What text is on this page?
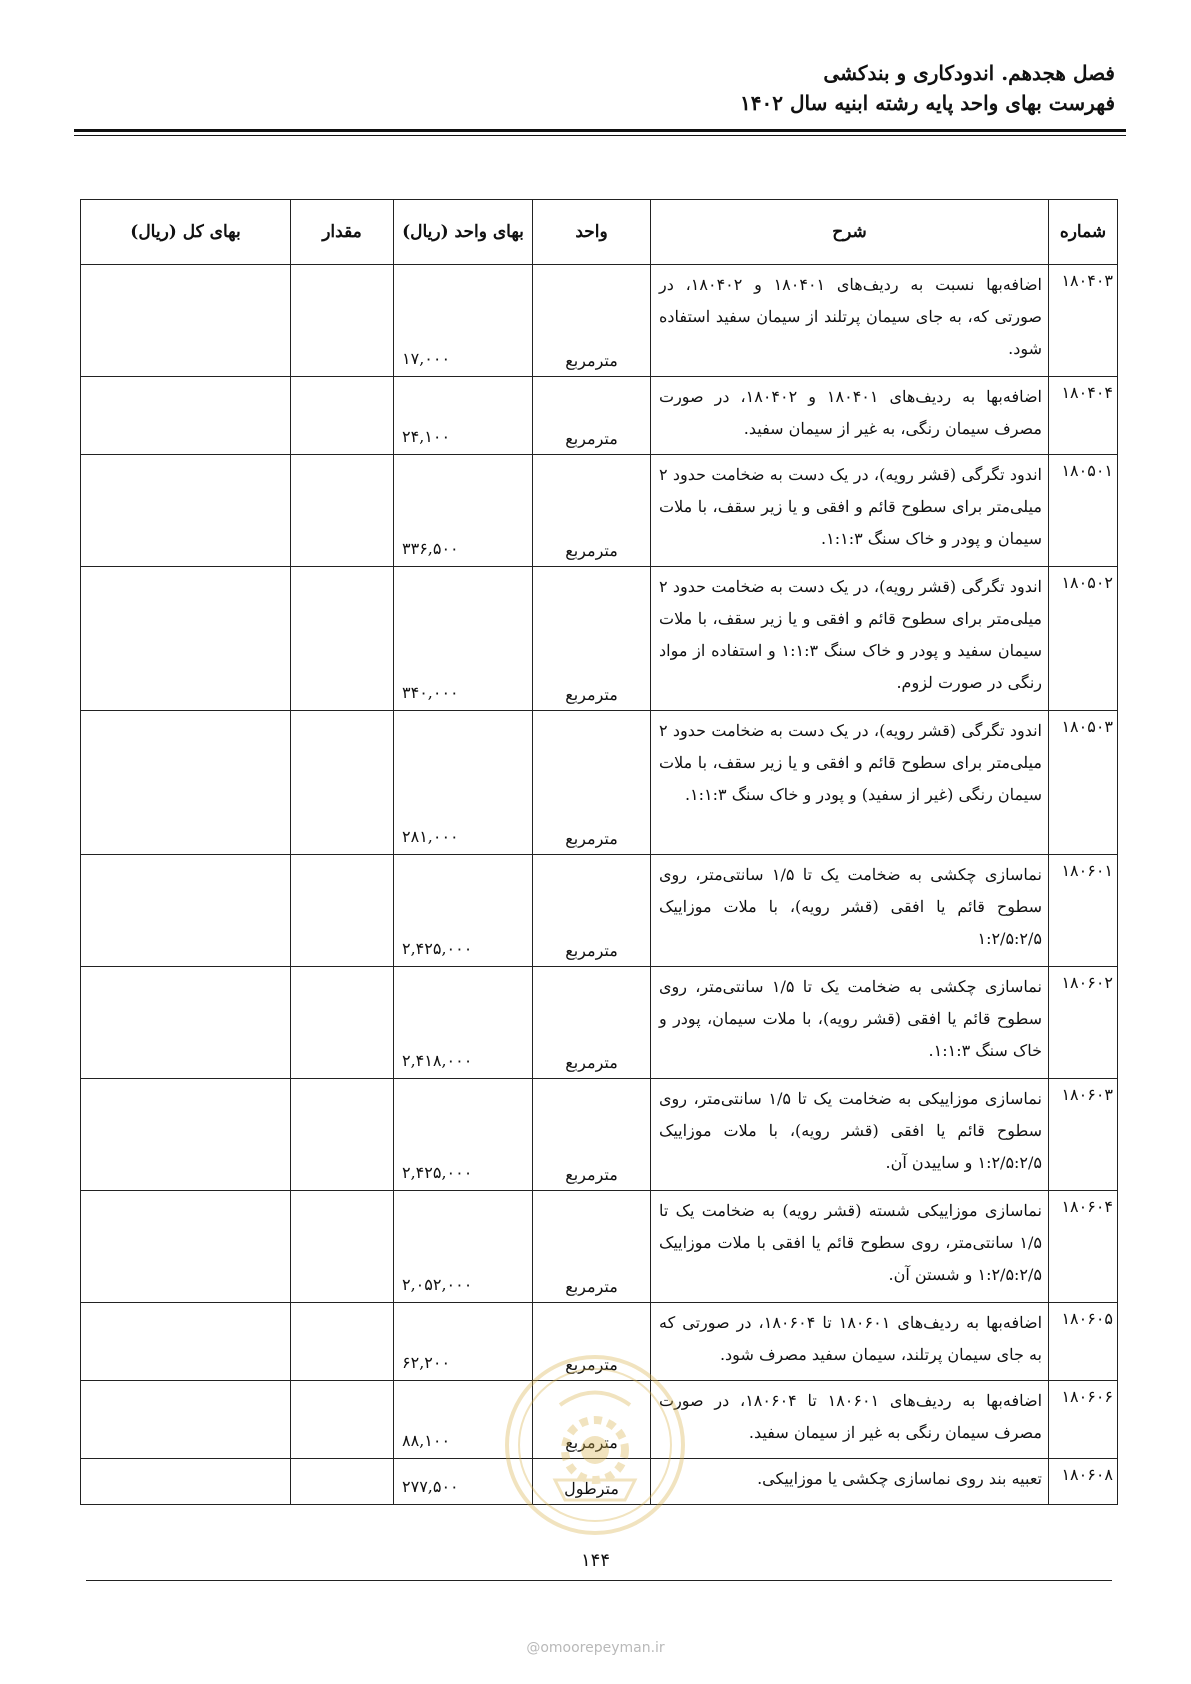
فصل هجدهم. اندودکاری و بندکشی
فهرست بهای واحد پایه رشته ابنیه سال ۱۴۰۲
شماره	شرح	واحد	بهای واحد (ریال)	مقدار	بهای کل (ریال)
۱۸۰۴۰۳	اضافه‌بها نسبت به ردیف‌های ۱۸۰۴۰۱ و ۱۸۰۴۰۲، در صورتی که، به جای سیمان پرتلند از سیمان سفید استفاده شود.	مترمربع	۱۷,۰۰۰		
۱۸۰۴۰۴	اضافه‌بها به ردیف‌های ۱۸۰۴۰۱ و ۱۸۰۴۰۲، در صورت مصرف سیمان رنگی، به غیر از سیمان سفید.	مترمربع	۲۴,۱۰۰		
۱۸۰۵۰۱	اندود تگرگی (قشر رویه)، در یک دست به ضخامت حدود ۲ میلی‌متر برای سطوح قائم و افقی و یا زیر سقف، با ملات سیمان و پودر و خاک سنگ ۱:۱:۳.	مترمربع	۳۳۶,۵۰۰		
۱۸۰۵۰۲	اندود تگرگی (قشر رویه)، در یک دست به ضخامت حدود ۲ میلی‌متر برای سطوح قائم و افقی و یا زیر سقف، با ملات سیمان سفید و پودر و خاک سنگ ۱:۱:۳ و استفاده از مواد رنگی در صورت لزوم.	مترمربع	۳۴۰,۰۰۰		
۱۸۰۵۰۳	اندود تگرگی (قشر رویه)، در یک دست به ضخامت حدود ۲ میلی‌متر برای سطوح قائم و افقی و یا زیر سقف، با ملات سیمان رنگی (غیر از سفید) و پودر و خاک سنگ ۱:۱:۳.	مترمربع	۲۸۱,۰۰۰		
۱۸۰۶۰۱	نماسازی چکشی به ضخامت یک تا ۱/۵ سانتی‌متر، روی سطوح قائم یا افقی (قشر رویه)، با ملات موزاییک ۱:۲/۵:۲/۵	مترمربع	۲,۴۲۵,۰۰۰		
۱۸۰۶۰۲	نماسازی چکشی به ضخامت یک تا ۱/۵ سانتی‌متر، روی سطوح قائم یا افقی (قشر رویه)، با ملات سیمان، پودر و خاک سنگ ۱:۱:۳.	مترمربع	۲,۴۱۸,۰۰۰		
۱۸۰۶۰۳	نماسازی موزاییکی به ضخامت یک تا ۱/۵ سانتی‌متر، روی سطوح قائم یا افقی (قشر رویه)، با ملات موزاییک ۱:۲/۵:۲/۵ و ساییدن آن.	مترمربع	۲,۴۲۵,۰۰۰		
۱۸۰۶۰۴	نماسازی موزاییکی شسته (قشر رویه) به ضخامت یک تا ۱/۵ سانتی‌متر، روی سطوح قائم یا افقی با ملات موزاییک ۱:۲/۵:۲/۵ و شستن آن.	مترمربع	۲,۰۵۲,۰۰۰		
۱۸۰۶۰۵	اضافه‌بها به ردیف‌های ۱۸۰۶۰۱ تا ۱۸۰۶۰۴، در صورتی که به جای سیمان پرتلند، سیمان سفید مصرف شود.	مترمربع	۶۲,۲۰۰		
۱۸۰۶۰۶	اضافه‌بها به ردیف‌های ۱۸۰۶۰۱ تا ۱۸۰۶۰۴، در صورت مصرف سیمان رنگی به غیر از سیمان سفید.	مترمربع	۸۸,۱۰۰		
۱۸۰۶۰۸	تعبیه بند روی نماسازی چکشی یا موزاییکی.	مترطول	۲۷۷,۵۰۰		
۱۴۴
@omoorepeyman.ir
